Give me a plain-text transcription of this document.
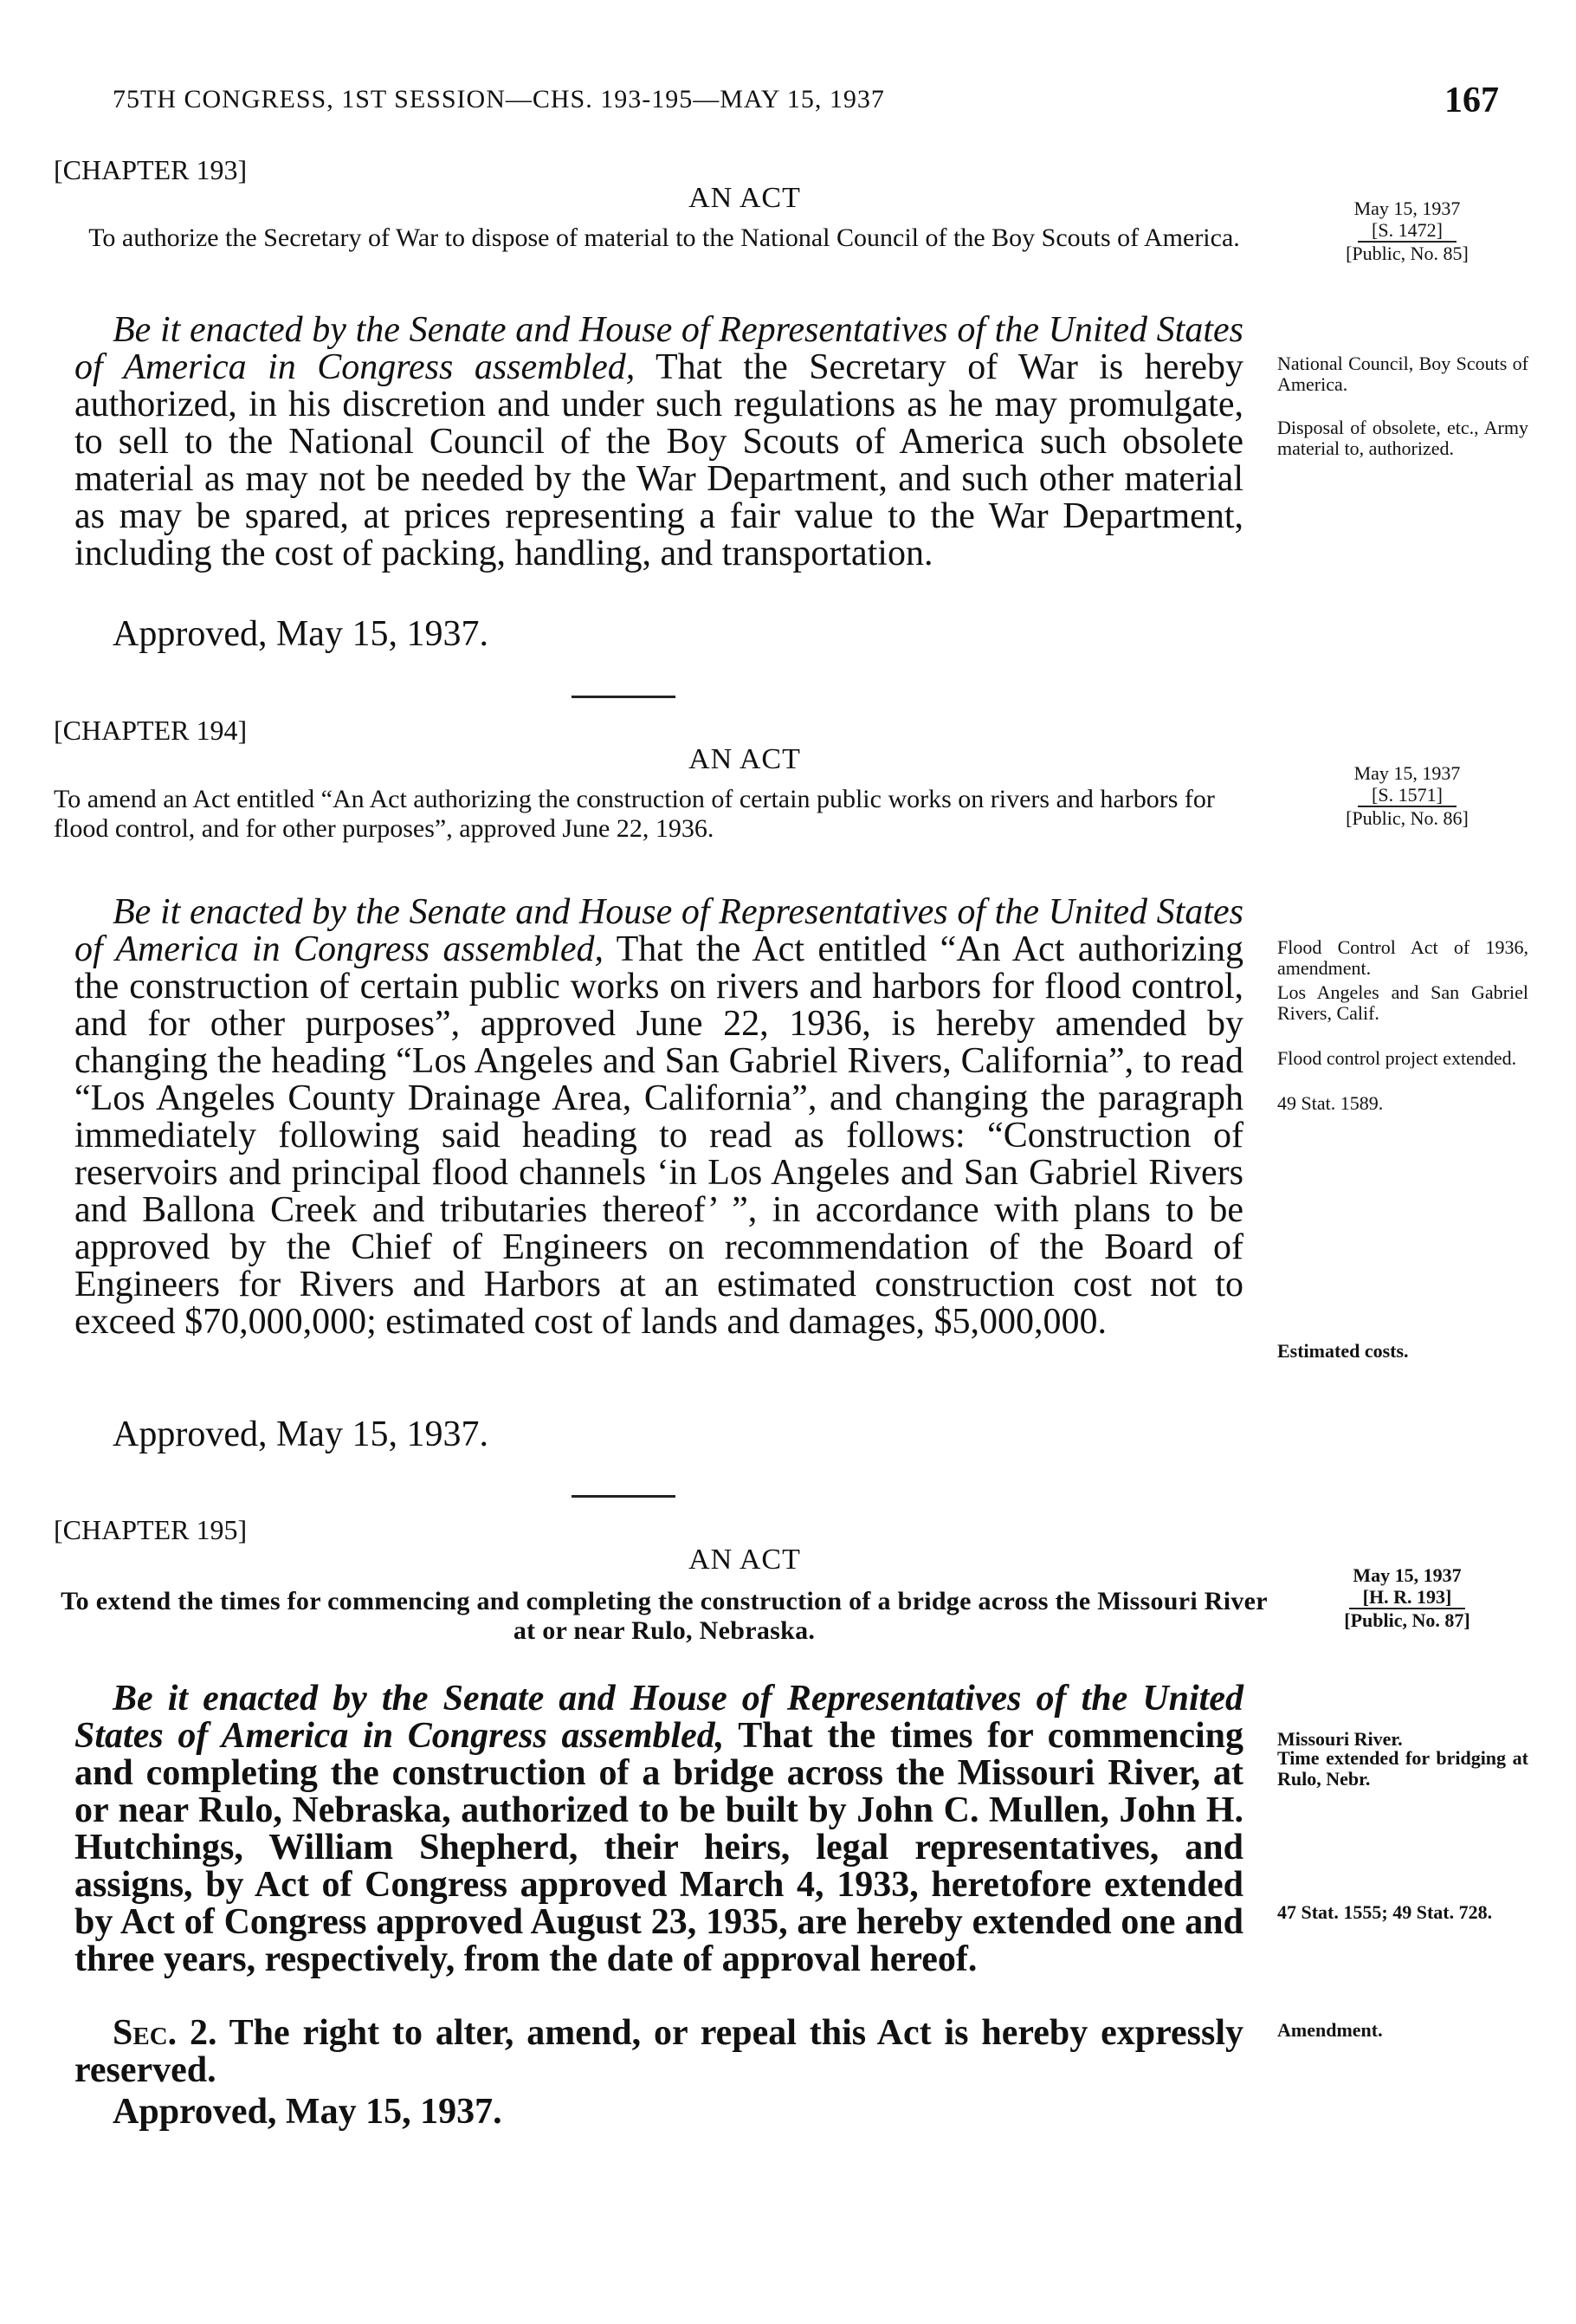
75TH CONGRESS, 1ST SESSION—CHS. 193-195—MAY 15, 1937	167
[CHAPTER 193]
AN ACT
To authorize the Secretary of War to dispose of material to the National Council of the Boy Scouts of America.
May 15, 1937
[S. 1472]
[Public, No. 85]
Be it enacted by the Senate and House of Representatives of the United States of America in Congress assembled, That the Secretary of War is hereby authorized, in his discretion and under such regulations as he may promulgate, to sell to the National Council of the Boy Scouts of America such obsolete material as may not be needed by the War Department, and such other material as may be spared, at prices representing a fair value to the War Department, including the cost of packing, handling, and transportation.
Approved, May 15, 1937.
National Council, Boy Scouts of America.
Disposal of obsolete, etc., Army material to, authorized.
[CHAPTER 194]
AN ACT
To amend an Act entitled “An Act authorizing the construction of certain public works on rivers and harbors for flood control, and for other purposes”, approved June 22, 1936.
May 15, 1937
[S. 1571]
[Public, No. 86]
Be it enacted by the Senate and House of Representatives of the United States of America in Congress assembled, That the Act entitled “An Act authorizing the construction of certain public works on rivers and harbors for flood control, and for other purposes”, approved June 22, 1936, is hereby amended by changing the heading “Los Angeles and San Gabriel Rivers, California”, to read “Los Angeles County Drainage Area, California”, and changing the paragraph immediately following said heading to read as follows: “Construction of reservoirs and principal flood channels ‘in Los Angeles and San Gabriel Rivers and Ballona Creek and tributaries thereof’ ”, in accordance with plans to be approved by the Chief of Engineers on recommendation of the Board of Engineers for Rivers and Harbors at an estimated construction cost not to exceed $70,000,000; estimated cost of lands and damages, $5,000,000.
Approved, May 15, 1937.
Flood Control Act of 1936, amendment.
Los Angeles and San Gabriel Rivers, Calif.
Flood control project extended.
49 Stat. 1589.
Estimated costs.
[CHAPTER 195]
AN ACT
To extend the times for commencing and completing the construction of a bridge across the Missouri River at or near Rulo, Nebraska.
May 15, 1937
[H. R. 193]
[Public, No. 87]
Be it enacted by the Senate and House of Representatives of the United States of America in Congress assembled, That the times for commencing and completing the construction of a bridge across the Missouri River, at or near Rulo, Nebraska, authorized to be built by John C. Mullen, John H. Hutchings, William Shepherd, their heirs, legal representatives, and assigns, by Act of Congress approved March 4, 1933, heretofore extended by Act of Congress approved August 23, 1935, are hereby extended one and three years, respectively, from the date of approval hereof.
Sec. 2. The right to alter, amend, or repeal this Act is hereby expressly reserved.
Approved, May 15, 1937.
Missouri River.
Time extended for bridging at Rulo, Nebr.
47 Stat. 1555; 49 Stat. 728.
Amendment.
